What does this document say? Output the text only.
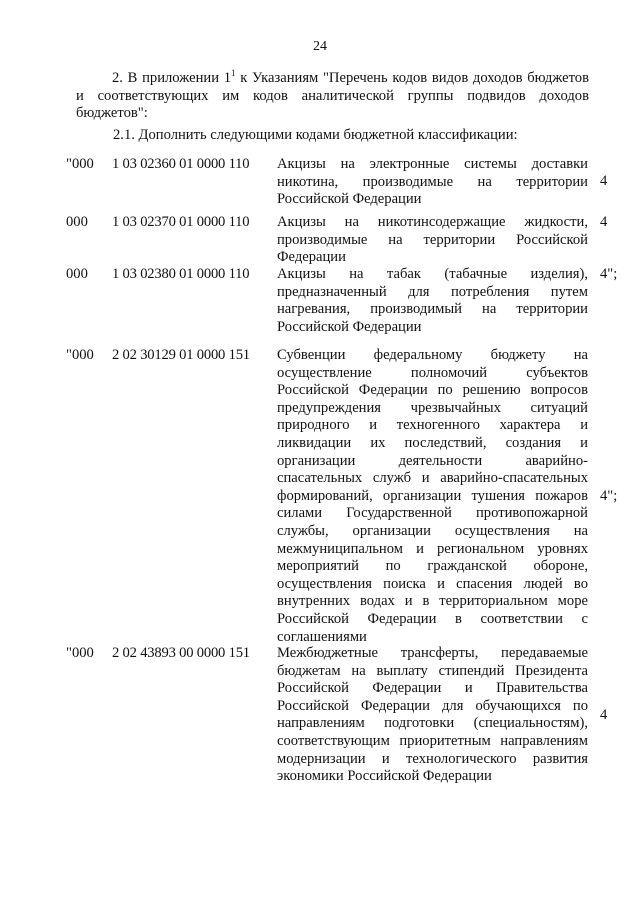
24
2. В приложении $1^1$ к Указаниям "Перечень кодов видов доходов бюджетов и соответствующих им кодов аналитической группы подвидов доходов бюджетов":
2.1. Дополнить следующими кодами бюджетной классификации:
"000 1 03 02360 01 0000 110 Акцизы на электронные системы доставки никотина, производимые на территории Российской Федерации
4
000	1 03 02370 01 0000 110 Акцизы на никотинсодержащие жидкости, производимые на территории Российской Федерации
4
000	1 03 02380 01 0000 110 Акцизы на табак (табачные изделия), предназначенный для потребления путем нагревания, производимый на территории Российской Федерации
4";
"000 2 02 30129 01 0000 151 Субвенции федеральному бюджету на осуществление полномочий субъектов Российской Федерации по решению вопросов предупреждения чрезвычайных ситуаций природного и техногенного характера и ликвидации их последствий, создания и организации деятельности аварийно-спасательных служб и аварийно-спасательных формирований, организации тушения пожаров силами Государственной противопожарной службы, организации осуществления на межмуниципальном и региональном уровнях мероприятий по гражданской обороне, осуществления поиска и спасения людей во внутренних водах и в территориальном море Российской Федерации в соответствии с соглашениями
4";
"000 2 02 43893 00 0000 151 Межбюджетные трансферты, передаваемые бюджетам на выплату стипендий Президента Российской Федерации и Правительства Российской Федерации для обучающихся по направлениям подготовки (специальностям), соответствующим приоритетным направлениям модернизации и технологического развития экономики Российской Федерации
4
